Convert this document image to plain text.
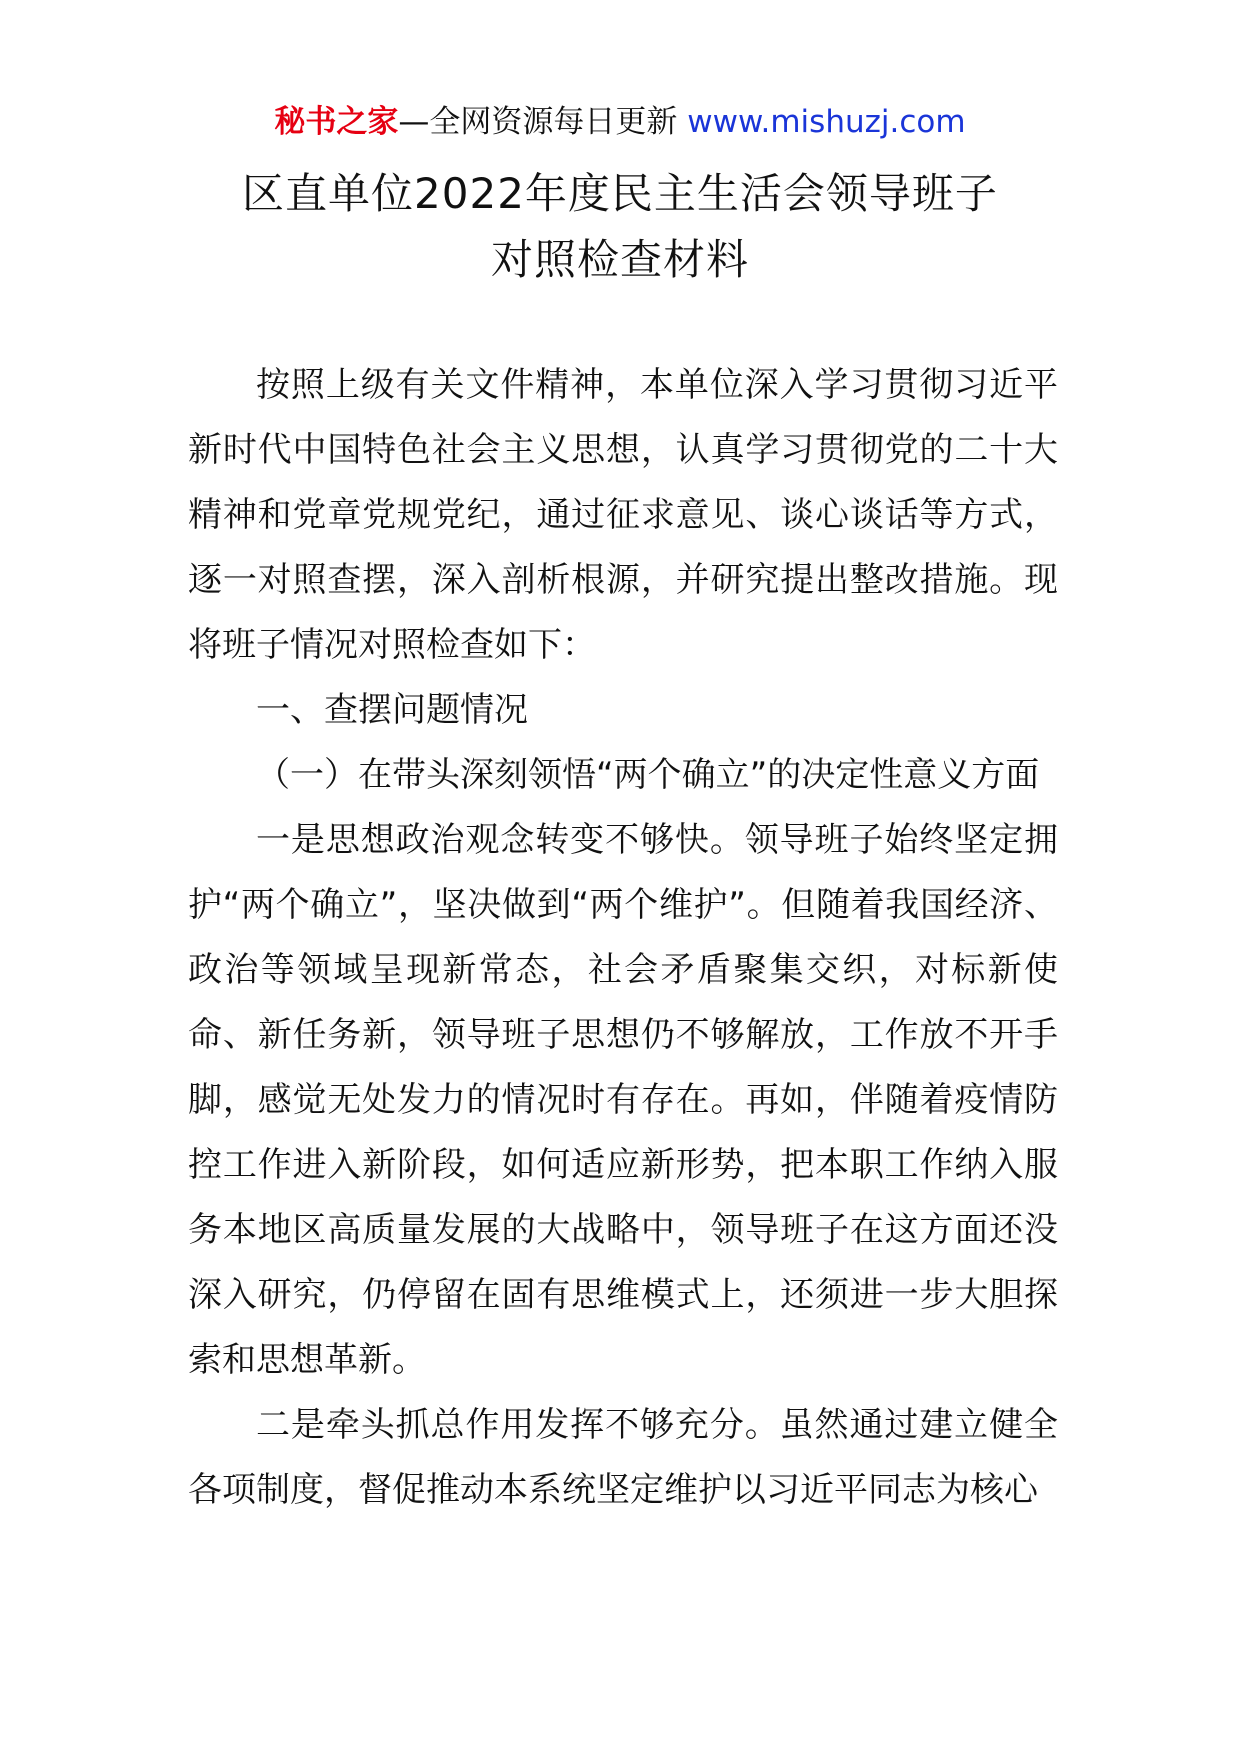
秘书之家—全网资源每日更新 www.mishuzj.com
区直单位2022年度民主生活会领导班子
对照检查材料

按照上级有关文件精神，本单位深入学习贯彻习近平新时代中国特色社会主义思想，认真学习贯彻党的二十大精神和党章党规党纪，通过征求意见、谈心谈话等方式，逐一对照查摆，深入剖析根源，并研究提出整改措施。现将班子情况对照检查如下：

一、查摆问题情况

（一）在带头深刻领悟“两个确立”的决定性意义方面

一是思想政治观念转变不够快。领导班子始终坚定拥护“两个确立”，坚决做到“两个维护”。但随着我国经济、政治等领域呈现新常态，社会矛盾聚集交织，对标新使命、新任务新，领导班子思想仍不够解放，工作放不开手脚，感觉无处发力的情况时有存在。再如，伴随着疫情防控工作进入新阶段，如何适应新形势，把本职工作纳入服务本地区高质量发展的大战略中，领导班子在这方面还没深入研究，仍停留在固有思维模式上，还须进一步大胆探索和思想革新。

二是牵头抓总作用发挥不够充分。虽然通过建立健全各项制度，督促推动本系统坚定维护以习近平同志为核心
